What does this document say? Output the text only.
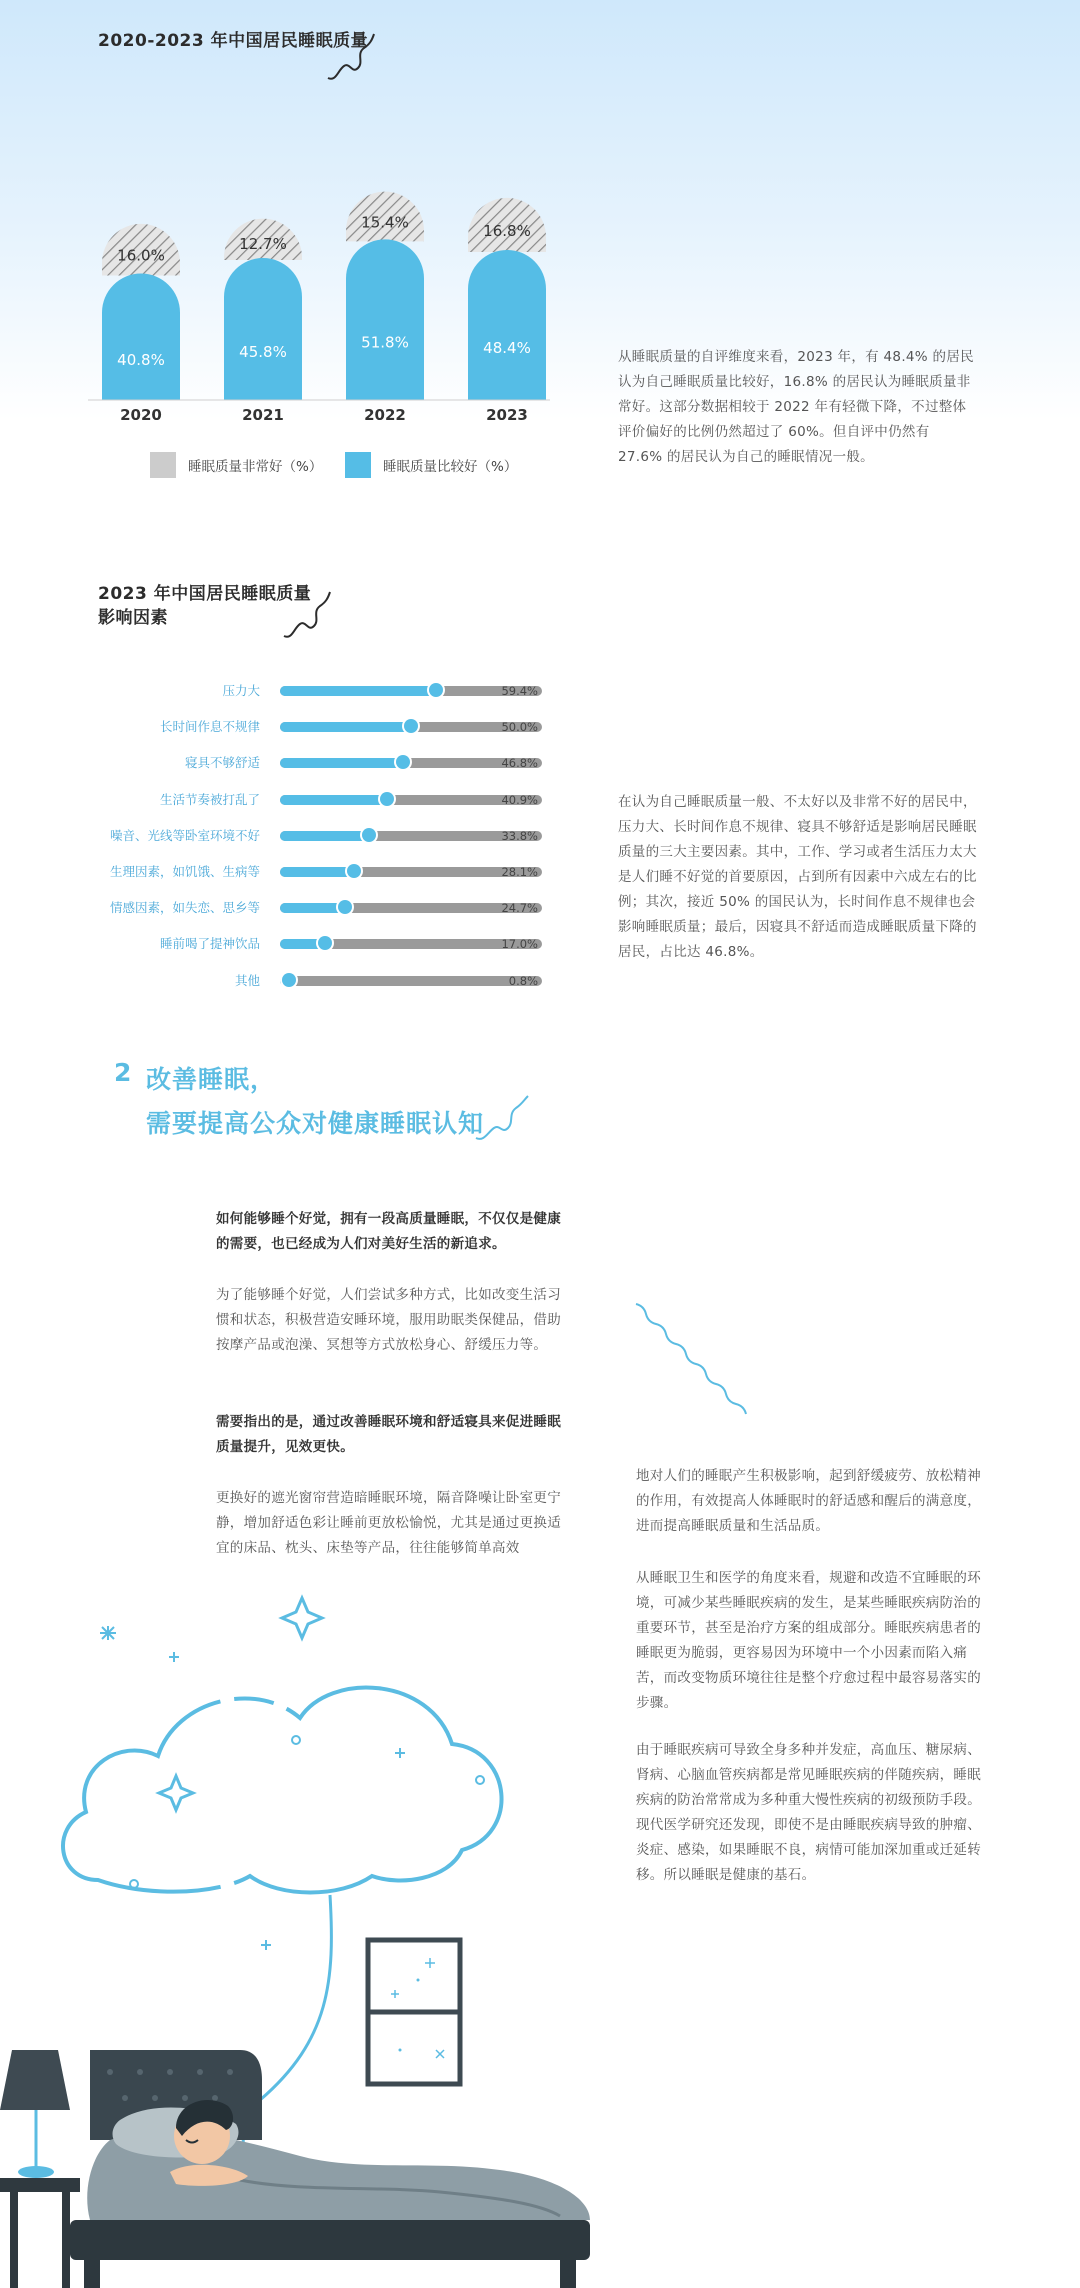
2020-2023 年中国居民睡眠质量
40.8%
16.0%
2020
45.8%
12.7%
2021
51.8%
15.4%
2022
48.4%
16.8%
2023
睡眠质量非常好（%）	睡眠质量比较好（%）
从睡眠质量的自评维度来看，2023 年，有 48.4% 的居民认为自己睡眠质量比较好，16.8% 的居民认为睡眠质量非常好。这部分数据相较于 2022 年有轻微下降，不过整体评价偏好的比例仍然超过了 60%。但自评中仍然有 27.6% 的居民认为自己的睡眠情况一般。
2023 年中国居民睡眠质量
影响因素
压力大	59.4%
长时间作息不规律	50.0%
寝具不够舒适	46.8%
生活节奏被打乱了	40.9%
噪音、光线等卧室环境不好	33.8%
生理因素，如饥饿、生病等	28.1%
情感因素，如失恋、思乡等	24.7%
睡前喝了提神饮品	17.0%
其他	0.8%
在认为自己睡眠质量一般、不太好以及非常不好的居民中，压力大、长时间作息不规律、寝具不够舒适是影响居民睡眠质量的三大主要因素。其中，工作、学习或者生活压力太大是人们睡不好觉的首要原因，占到所有因素中六成左右的比例；其次，接近 50% 的国民认为，长时间作息不规律也会影响睡眠质量；最后，因寝具不舒适而造成睡眠质量下降的居民，占比达 46.8%。
2 改善睡眠，
需要提高公众对健康睡眠认知
如何能够睡个好觉，拥有一段高质量睡眠，不仅仅是健康的需要，也已经成为人们对美好生活的新追求。
为了能够睡个好觉，人们尝试多种方式，比如改变生活习惯和状态，积极营造安睡环境，服用助眠类保健品，借助按摩产品或泡澡、冥想等方式放松身心、舒缓压力等。
需要指出的是，通过改善睡眠环境和舒适寝具来促进睡眠质量提升，见效更快。
更换好的遮光窗帘营造暗睡眠环境，隔音降噪让卧室更宁静，增加舒适色彩让睡前更放松愉悦，尤其是通过更换适宜的床品、枕头、床垫等产品，往往能够简单高效
地对人们的睡眠产生积极影响，起到舒缓疲劳、放松精神的作用，有效提高人体睡眠时的舒适感和醒后的满意度，进而提高睡眠质量和生活品质。
从睡眠卫生和医学的角度来看，规避和改造不宜睡眠的环境，可减少某些睡眠疾病的发生，是某些睡眠疾病防治的重要环节，甚至是治疗方案的组成部分。睡眠疾病患者的睡眠更为脆弱，更容易因为环境中一个小因素而陷入痛苦，而改变物质环境往往是整个疗愈过程中最容易落实的步骤。
由于睡眠疾病可导致全身多种并发症，高血压、糖尿病、肾病、心脑血管疾病都是常见睡眠疾病的伴随疾病，睡眠疾病的防治常常成为多种重大慢性疾病的初级预防手段。现代医学研究还发现，即使不是由睡眠疾病导致的肿瘤、炎症、感染，如果睡眠不良，病情可能加深加重或迁延转移。所以睡眠是健康的基石。
